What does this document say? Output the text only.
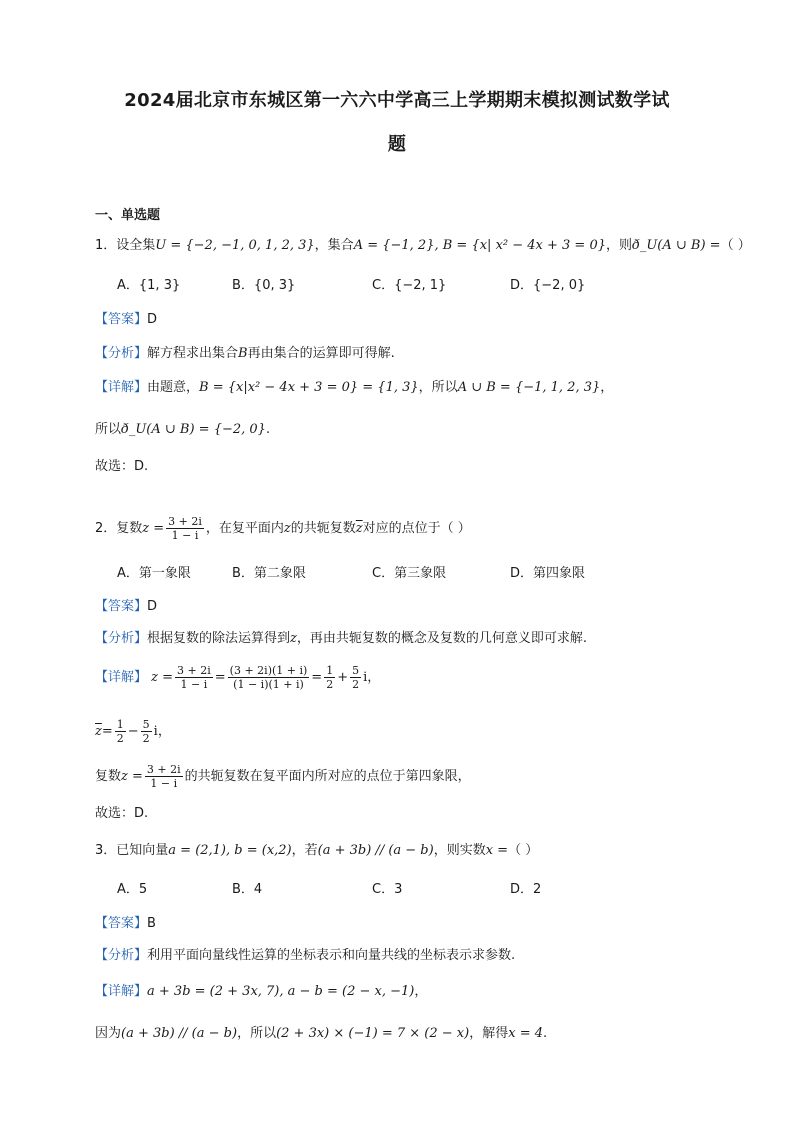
2024届北京市东城区第一六六中学高三上学期期末模拟测试数学试
题
一、单选题
1．设全集U = {−2, −1, 0, 1, 2, 3}，集合A = {−1, 2}, B = {x| x² − 4x + 3 = 0}，则ð_U(A ∪ B) =（ ）
A．{1, 3}	B．{0, 3}	C．{−2, 1}	D．{−2, 0}
【答案】D
【分析】解方程求出集合B再由集合的运算即可得解.
【详解】由题意，B = {x|x² − 4x + 3 = 0} = {1, 3}，所以A ∪ B = {−1, 1, 2, 3}，
所以ð_U(A ∪ B) = {−2, 0}.
故选：D.
2．复数$z = \frac{3 + 2i}{1 - i}$ ，在复平面内z的共轭复数$\overline{z}$对应的点位于（ ）
A．第一象限	B．第二象限	C．第三象限	D．第四象限
【答案】D
【分析】根据复数的除法运算得到z，再由共轭复数的概念及复数的几何意义即可求解.
【详解】 $z = \frac{3 + 2i}{1 - i} = \frac{(3 + 2i)(1 + i)}{(1 - i)(1 + i)} = \frac{1}{2} + \frac{5}{2}$ i，
$\overline{z}= \frac{1}{2} - \frac{5}{2}$ i，
复数$z = \frac{3 + 2i}{1 - i}$ 的共轭复数在复平面内所对应的点位于第四象限，
故选：D.
3．已知向量a = (2,1), b = (x,2)，若(a + 3b) // (a − b)，则实数x =（ ）
A．5	B．4	C．3	D．2
【答案】B
【分析】利用平面向量线性运算的坐标表示和向量共线的坐标表示求参数.
【详解】a + 3b = (2 + 3x, 7), a − b = (2 − x, −1)，
因为(a + 3b) // (a − b)，所以(2 + 3x) × (−1) = 7 × (2 − x)，解得x = 4.
